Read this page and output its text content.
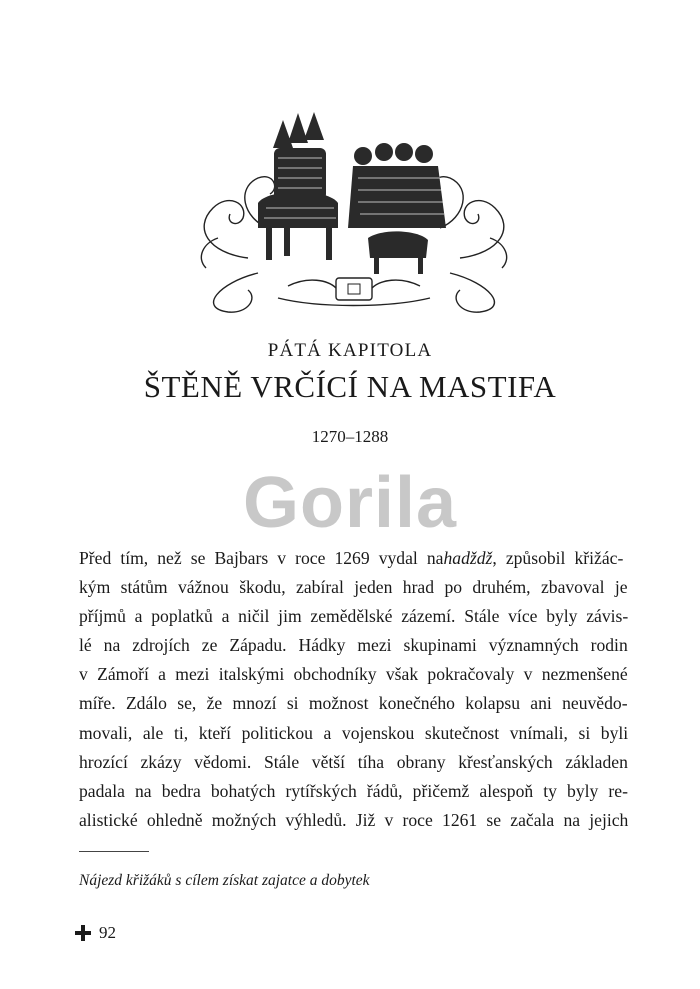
PÁTÁ KAPITOLA
ŠTĚNĚ VRČÍCÍ NA MASTIFA
1270–1288
Gorila
Před tím, než se Bajbars v roce 1269 vydal nahadždž, způsobil křižác-
kým státům vážnou škodu, zabíral jeden hrad po druhém, zbavoval je
příjmů a poplatků a ničil jim zemědělské zázemí. Stále více byly závis-
lé na zdrojích ze Západu. Hádky mezi skupinami významných rodin
v Zámoří a mezi italskými obchodníky však pokračovaly v nezmenšené
míře. Zdálo se, že mnozí si možnost konečného kolapsu ani neuvědo-
movali, ale ti, kteří politickou a vojenskou skutečnost vnímali, si byli
hrozící zkázy vědomi. Stále větší tíha obrany křesťanských základen
padala na bedra bohatých rytířských řádů, přičemž alespoň ty byly re-
alistické ohledně možných výhledů. Již v roce 1261 se začala na jejich
Nájezd křižáků s cílem získat zajatce a dobytek
92
